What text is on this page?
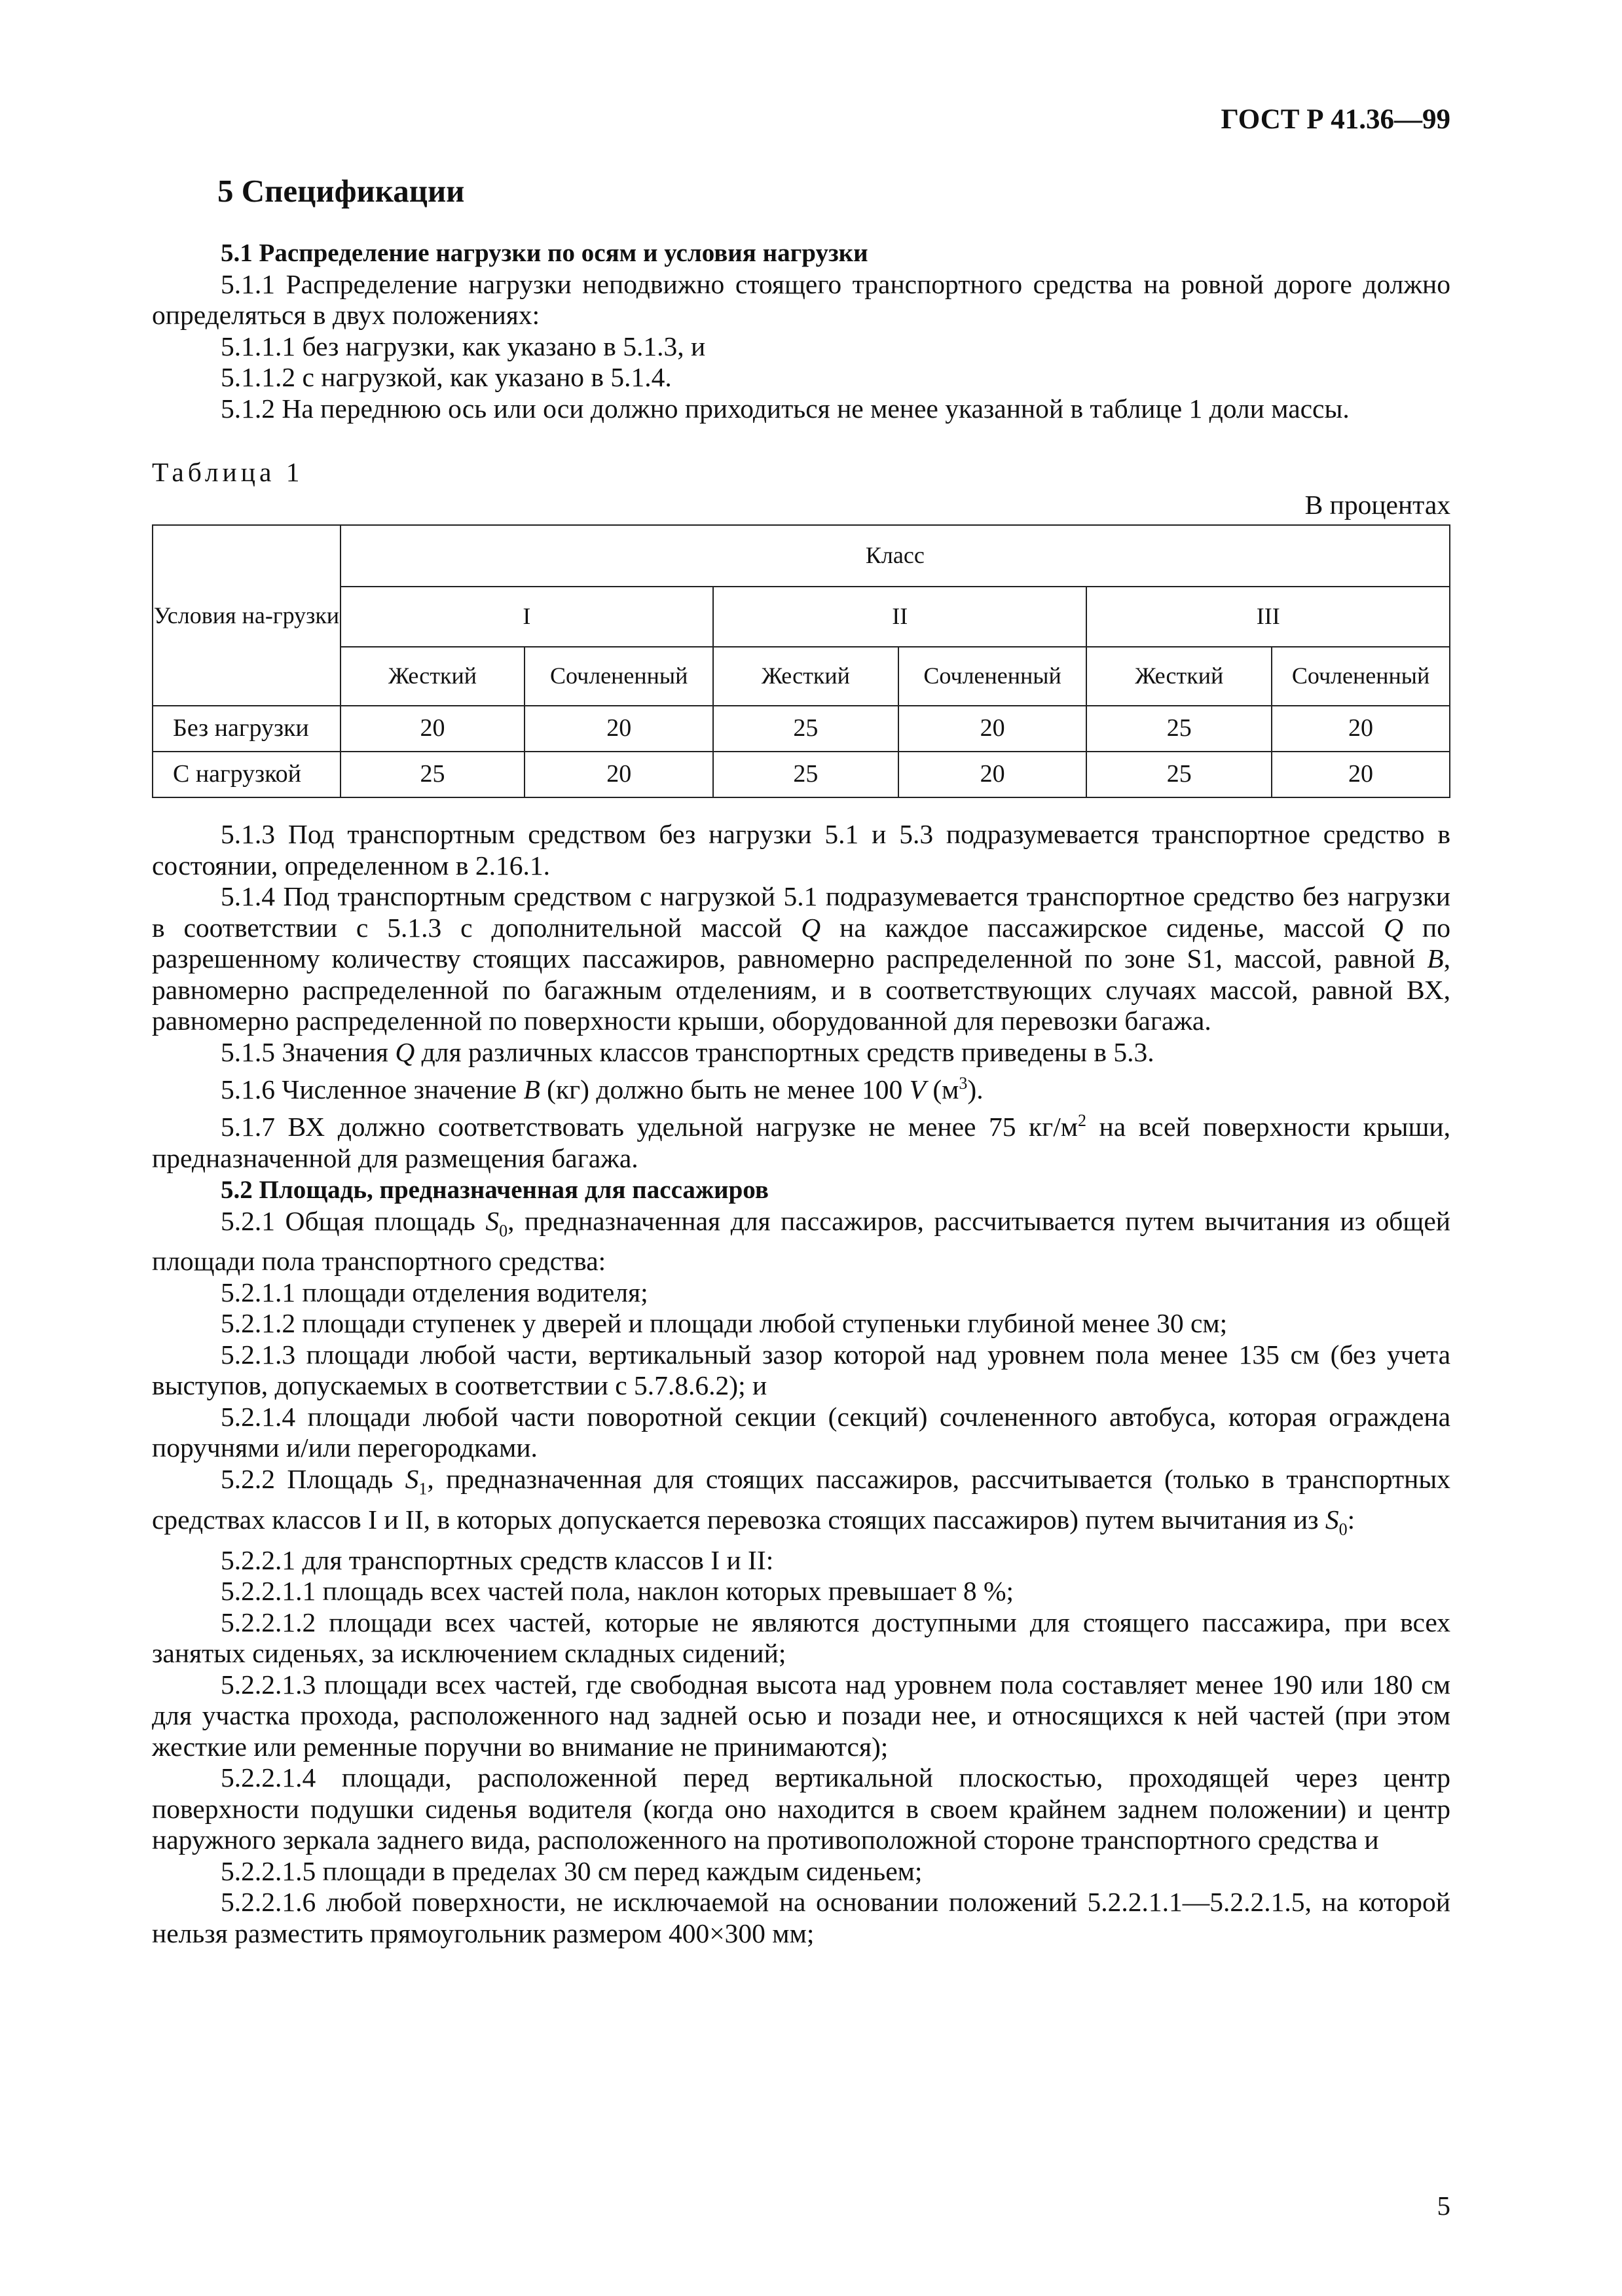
ГОСТ Р 41.36—99

5 Спецификации

5.1 Распределение нагрузки по осям и условия нагрузки

5.1.1 Распределение нагрузки неподвижно стоящего транспортного средства на ровной дороге должно определяться в двух положениях:

5.1.1.1 без нагрузки, как указано в 5.1.3, и

5.1.1.2 с нагрузкой, как указано в 5.1.4.

5.1.2 На переднюю ось или оси должно приходиться не менее указанной в таблице 1 доли массы.

Таблица 1

В процентах

Условия на-грузки	Класс					
	I		II		III	
	Жесткий	Сочлененный	Жесткий	Сочлененный	Жесткий	Сочлененный
Без нагрузки	20	20	25	20	25	20
С нагрузкой	25	20	25	20	25	20

5.1.3 Под транспортным средством без нагрузки 5.1 и 5.3 подразумевается транспортное средство в состоянии, определенном в 2.16.1.

5.1.4 Под транспортным средством с нагрузкой 5.1 подразумевается транспортное средство без нагрузки в соответствии с 5.1.3 с дополнительной массой Q на каждое пассажирское сиденье, массой Q по разрешенному количеству стоящих пассажиров, равномерно распределенной по зоне S1, массой, равной B, равномерно распределенной по багажным отделениям, и в соответствующих случаях массой, равной ВХ, равномерно распределенной по поверхности крыши, оборудованной для перевозки багажа.

5.1.5 Значения Q для различных классов транспортных средств приведены в 5.3.

5.1.6 Численное значение B (кг) должно быть не менее 100 V $(м^3)$.

5.1.7 ВХ должно соответствовать удельной нагрузке не менее 75 $кг/м^2$ на всей поверхности крыши, предназначенной для размещения багажа.

5.2 Площадь, предназначенная для пассажиров

5.2.1 Общая площадь $S_0$, предназначенная для пассажиров, рассчитывается путем вычитания из общей площади пола транспортного средства:

5.2.1.1 площади отделения водителя;

5.2.1.2 площади ступенек у дверей и площади любой ступеньки глубиной менее 30 см;

5.2.1.3 площади любой части, вертикальный зазор которой над уровнем пола менее 135 см (без учета выступов, допускаемых в соответствии с 5.7.8.6.2); и

5.2.1.4 площади любой части поворотной секции (секций) сочлененного автобуса, которая ограждена поручнями и/или перегородками.

5.2.2 Площадь $S_1$, предназначенная для стоящих пассажиров, рассчитывается (только в транспортных средствах классов I и II, в которых допускается перевозка стоящих пассажиров) путем вычитания из $S_0$:

5.2.2.1 для транспортных средств классов I и II:

5.2.2.1.1 площадь всех частей пола, наклон которых превышает 8 %;

5.2.2.1.2 площади всех частей, которые не являются доступными для стоящего пассажира, при всех занятых сиденьях, за исключением складных сидений;

5.2.2.1.3 площади всех частей, где свободная высота над уровнем пола составляет менее 190 или 180 см для участка прохода, расположенного над задней осью и позади нее, и относящихся к ней частей (при этом жесткие или ременные поручни во внимание не принимаются);

5.2.2.1.4 площади, расположенной перед вертикальной плоскостью, проходящей через центр поверхности подушки сиденья водителя (когда оно находится в своем крайнем заднем положении) и центр наружного зеркала заднего вида, расположенного на противоположной стороне транспортного средства и

5.2.2.1.5 площади в пределах 30 см перед каждым сиденьем;

5.2.2.1.6 любой поверхности, не исключаемой на основании положений 5.2.2.1.1—5.2.2.1.5, на которой нельзя разместить прямоугольник размером 400×300 мм;

5
